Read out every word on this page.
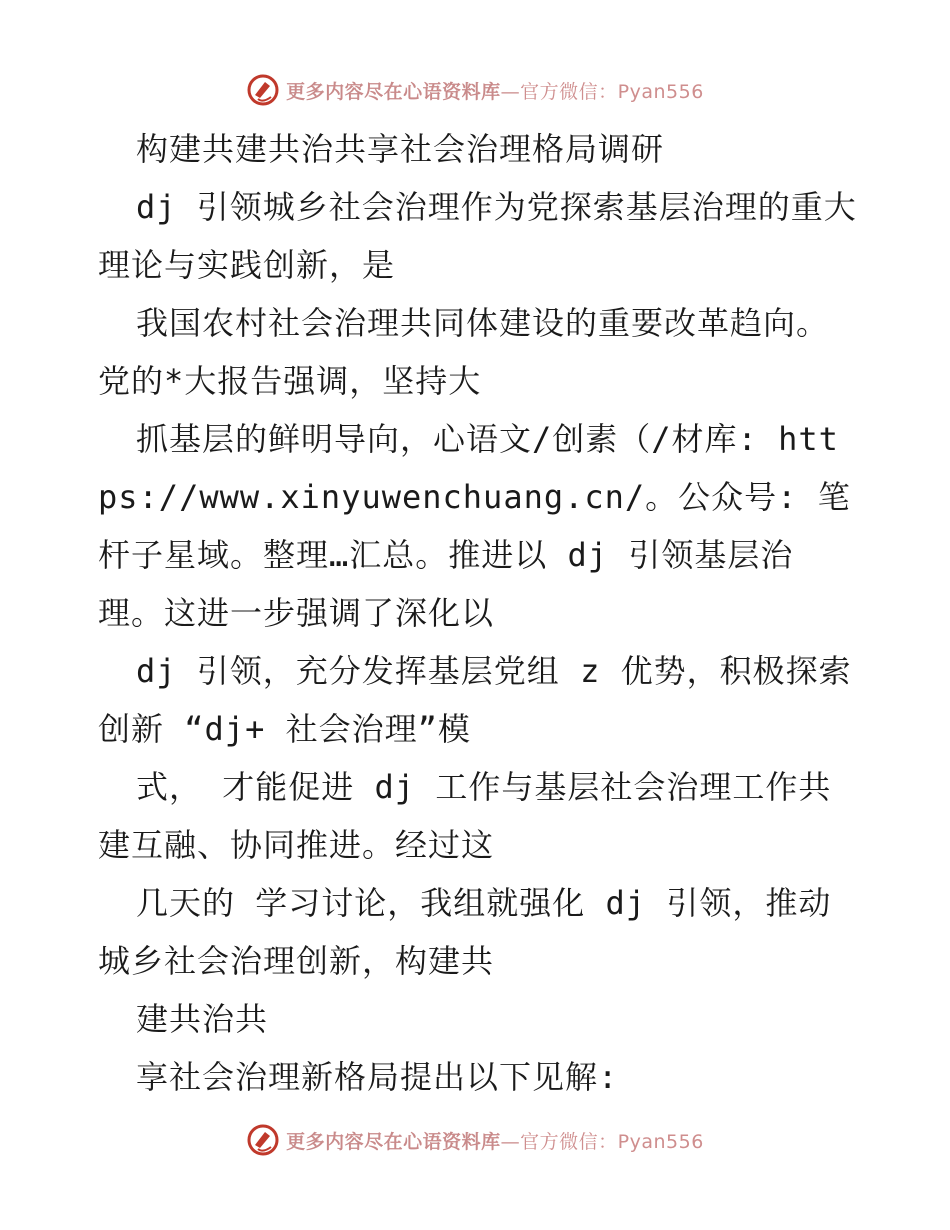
更多内容尽在心语资料库—官方微信：Pyan556

构建共建共治共享社会治理格局调研

dj 引领城乡社会治理作为党探索基层治理的重大理论与实践创新，是

我国农村社会治理共同体建设的重要改革趋向。党的*大报告强调，坚持大

抓基层的鲜明导向，心语文/创素（/材库: https://www.xinyuwenchuang.cn/。公众号: 笔杆子星域。整理…汇总。推进以 dj 引领基层治理。这进一步强调了深化以

dj 引领，充分发挥基层党组 z 优势，积极探索创新 “dj+ 社会治理”模

式， 才能促进 dj 工作与基层社会治理工作共建互融、协同推进。经过这

几天的 学习讨论，我组就强化 dj 引领，推动城乡社会治理创新，构建共

建共治共

享社会治理新格局提出以下见解:

更多内容尽在心语资料库—官方微信：Pyan556
